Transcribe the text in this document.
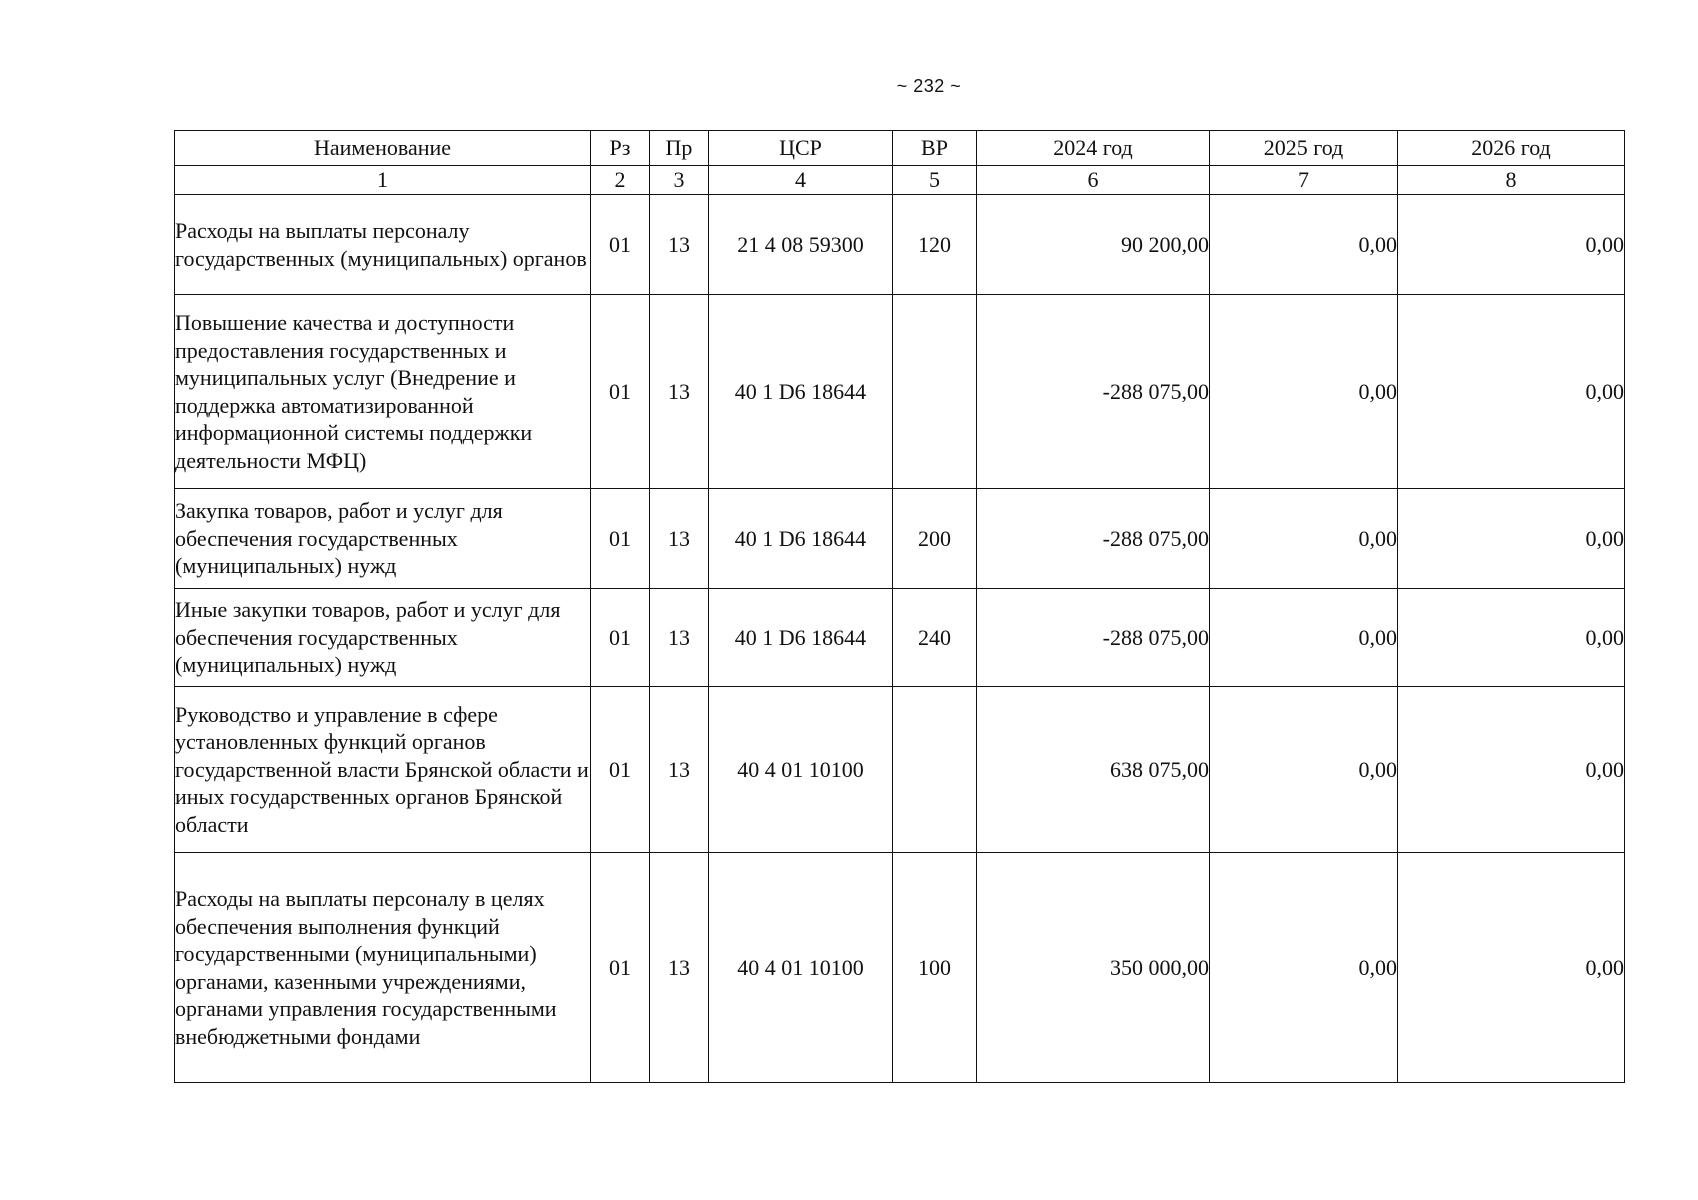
~ 232 ~
Наименование	Рз	Пр	ЦСР	ВР	2024 год	2025 год	2026 год
1	2	3	4	5	6	7	8
Расходы на выплаты персоналу государственных (муниципальных) органов	01	13	21 4 08 59300	120	90 200,00	0,00	0,00
Повышение качества и доступности предоставления государственных и муниципальных услуг (Внедрение и поддержка автоматизированной информационной системы поддержки деятельности МФЦ)	01	13	40 1 D6 18644		-288 075,00	0,00	0,00
Закупка товаров, работ и услуг для обеспечения государственных (муниципальных) нужд	01	13	40 1 D6 18644	200	-288 075,00	0,00	0,00
Иные закупки товаров, работ и услуг для обеспечения государственных (муниципальных) нужд	01	13	40 1 D6 18644	240	-288 075,00	0,00	0,00
Руководство и управление в сфере установленных функций органов государственной власти Брянской области и иных государственных органов Брянской области	01	13	40 4 01 10100		638 075,00	0,00	0,00
Расходы на выплаты персоналу в целях обеспечения выполнения функций государственными (муниципальными) органами, казенными учреждениями, органами управления государственными внебюджетными фондами	01	13	40 4 01 10100	100	350 000,00	0,00	0,00
